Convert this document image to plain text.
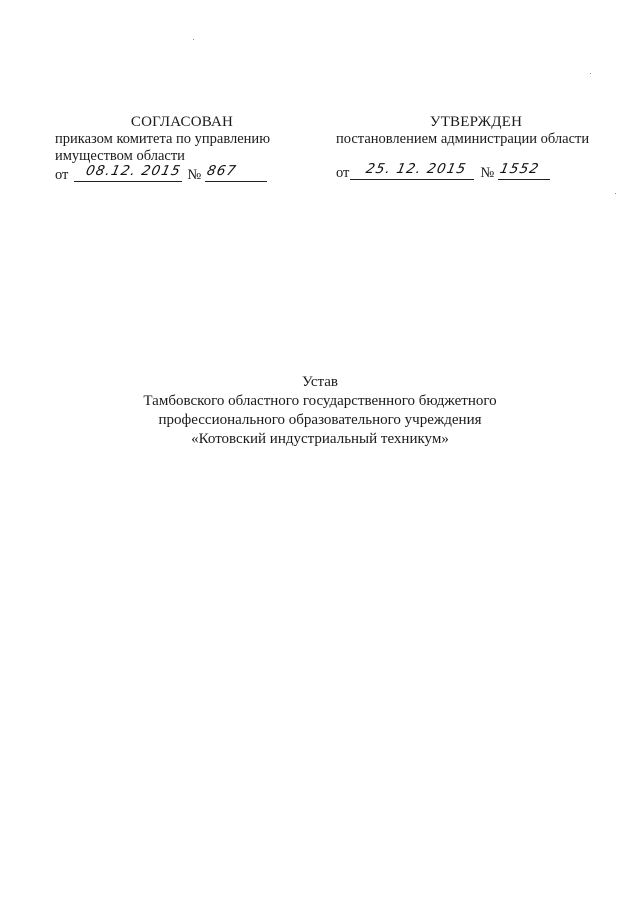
СОГЛАСОВАН
приказом комитета по управлению
имуществом области
от 08.12. 2015 № 867
УТВЕРЖДЕН
постановлением администрации области
от 25. 12. 2015 № 1552
Устав
Тамбовского областного государственного бюджетного
профессионального образовательного учреждения
«Котовский индустриальный техникум»
